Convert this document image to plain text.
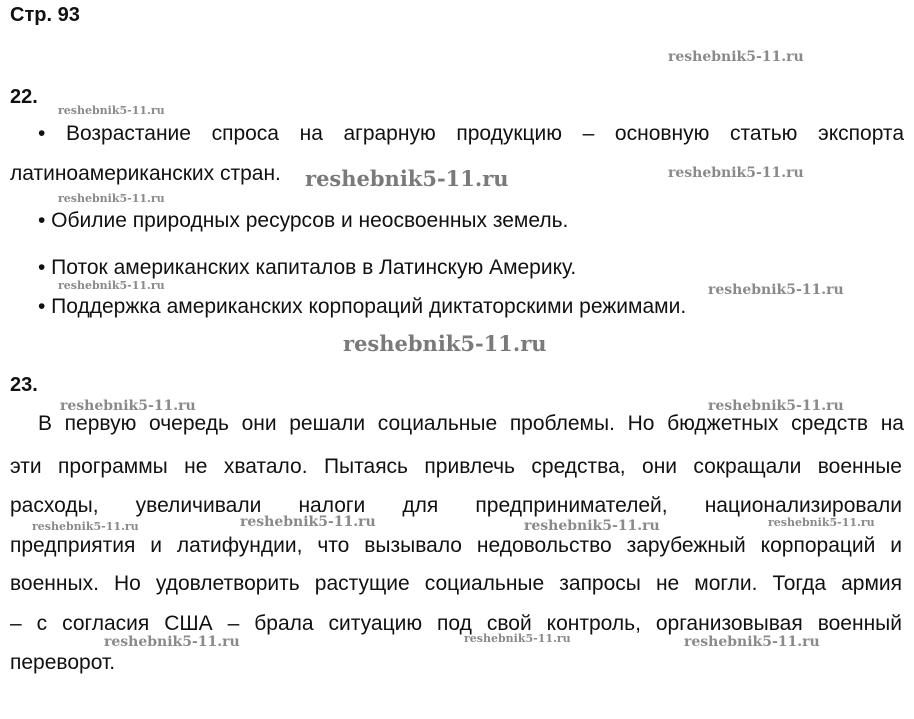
Стр. 93
22.
• Возрастание спроса на аграрную продукцию – основную статью экспорта
латиноамериканских стран.
• Обилие природных ресурсов и неосвоенных земель.
• Поток американских капиталов в Латинскую Америку.
• Поддержка американских корпораций диктаторскими режимами.
23.
В первую очередь они решали социальные проблемы. Но бюджетных средств на
эти программы не хватало. Пытаясь привлечь средства, они сокращали военные
расходы, увеличивали налоги для предпринимателей, национализировали
предприятия и латифундии, что вызывало недовольство зарубежный корпораций и
военных. Но удовлетворить растущие социальные запросы не могли. Тогда армия
– с согласия США – брала ситуацию под свой контроль, организовывая военный
переворот.
reshebnik5-11.ru
reshebnik5-11.ru
reshebnik5-11.ru	reshebnik5-11.ru
reshebnik5-11.ru
reshebnik5-11.ru	reshebnik5-11.ru
reshebnik5-11.ru
reshebnik5-11.ru	reshebnik5-11.ru
reshebnik5-11.ru	reshebnik5-11.ru	reshebnik5-11.ru	reshebnik5-11.ru
reshebnik5-11.ru	reshebnik5-11.ru	reshebnik5-11.ru
